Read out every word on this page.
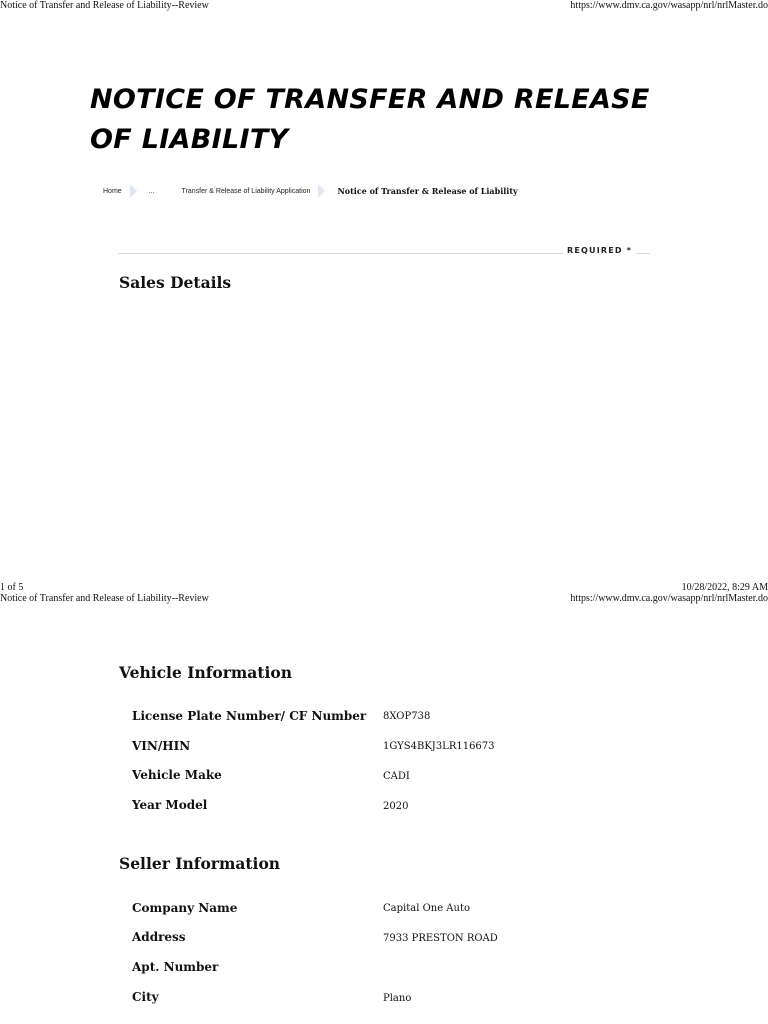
Notice of Transfer and Release of Liability--Review	https://www.dmv.ca.gov/wasapp/nrl/nrlMaster.do
NOTICE OF TRANSFER AND RELEASE OF LIABILITY
Home	...	Transfer & Release of Liability Application	Notice of Transfer & Release of Liability
REQUIRED *
Sales Details
1 of 5	10/28/2022, 8:29 AM
Notice of Transfer and Release of Liability--Review	https://www.dmv.ca.gov/wasapp/nrl/nrlMaster.do
Vehicle Information
License Plate Number/ CF Number 8XOP738
VIN/HIN	1GYS4BKJ3LR116673
Vehicle Make	CADI
Year Model	2020
Seller Information
Company Name	Capital One Auto
Address	7933 PRESTON ROAD
Apt. Number
City	Plano
